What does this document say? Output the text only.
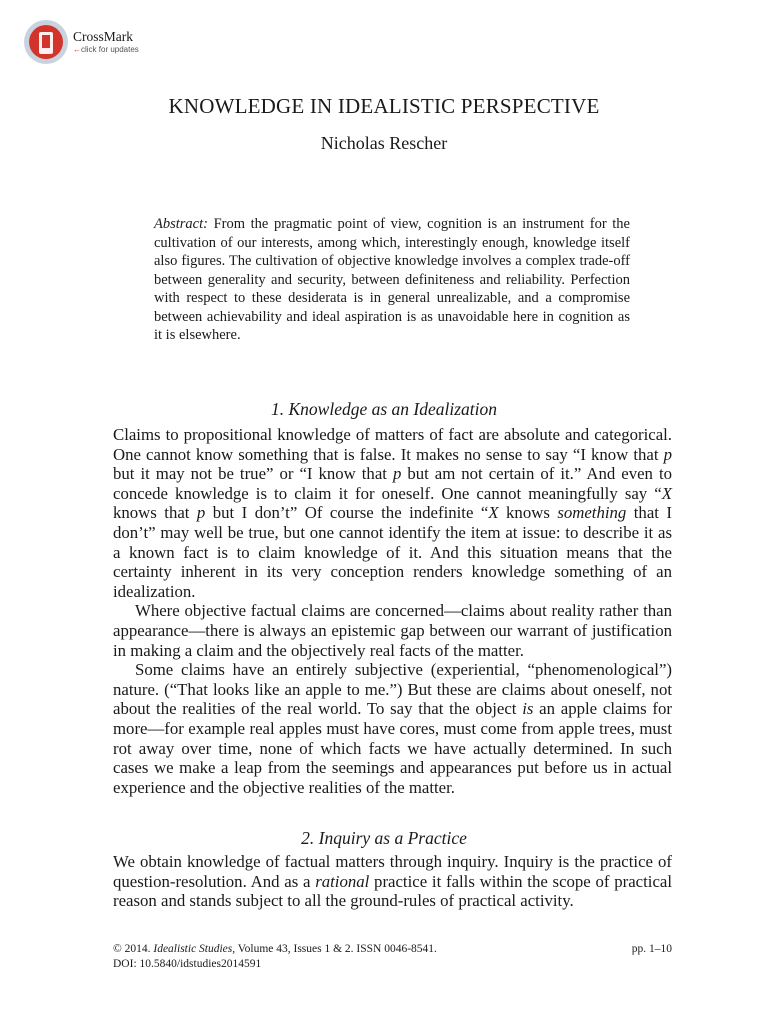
CrossMark
←click for updates
KNOWLEDGE IN IDEALISTIC PERSPECTIVE
Nicholas Rescher
Abstract: From the pragmatic point of view, cognition is an instrument for the cultivation of our interests, among which, interestingly enough, knowledge itself also figures. The cultivation of objective knowledge involves a complex trade-off between generality and security, between definiteness and reliability. Perfection with respect to these desiderata is in general unrealizable, and a compromise between achievability and ideal aspiration is as unavoidable here in cognition as it is elsewhere.
1. Knowledge as an Idealization

Claims to propositional knowledge of matters of fact are absolute and categorical. One cannot know something that is false. It makes no sense to say “I know that p but it may not be true” or “I know that p but am not certain of it.” And even to concede knowledge is to claim it for oneself. One cannot meaningfully say “X knows that p but I don’t” Of course the indefinite “X knows something that I don’t” may well be true, but one cannot identify the item at issue: to describe it as a known fact is to claim knowledge of it. And this situation means that the certainty inherent in its very conception renders knowledge something of an idealization.

Where objective factual claims are concerned—claims about reality rather than appearance—there is always an epistemic gap between our warrant of justification in making a claim and the objectively real facts of the matter.

Some claims have an entirely subjective (experiential, “phenomenological”) nature. (“That looks like an apple to me.”) But these are claims about oneself, not about the realities of the real world. To say that the object is an apple claims for more—for example real apples must have cores, must come from apple trees, must rot away over time, none of which facts we have actually determined. In such cases we make a leap from the seemings and appearances put before us in actual experience and the objective realities of the matter.

2. Inquiry as a Practice

We obtain knowledge of factual matters through inquiry. Inquiry is the practice of question-resolution. And as a rational practice it falls within the scope of practical reason and stands subject to all the ground-rules of practical activity.

© 2014. Idealistic Studies, Volume 43, Issues 1 & 2. ISSN 0046-8541.	pp. 1–10
DOI: 10.5840/idstudies2014591
